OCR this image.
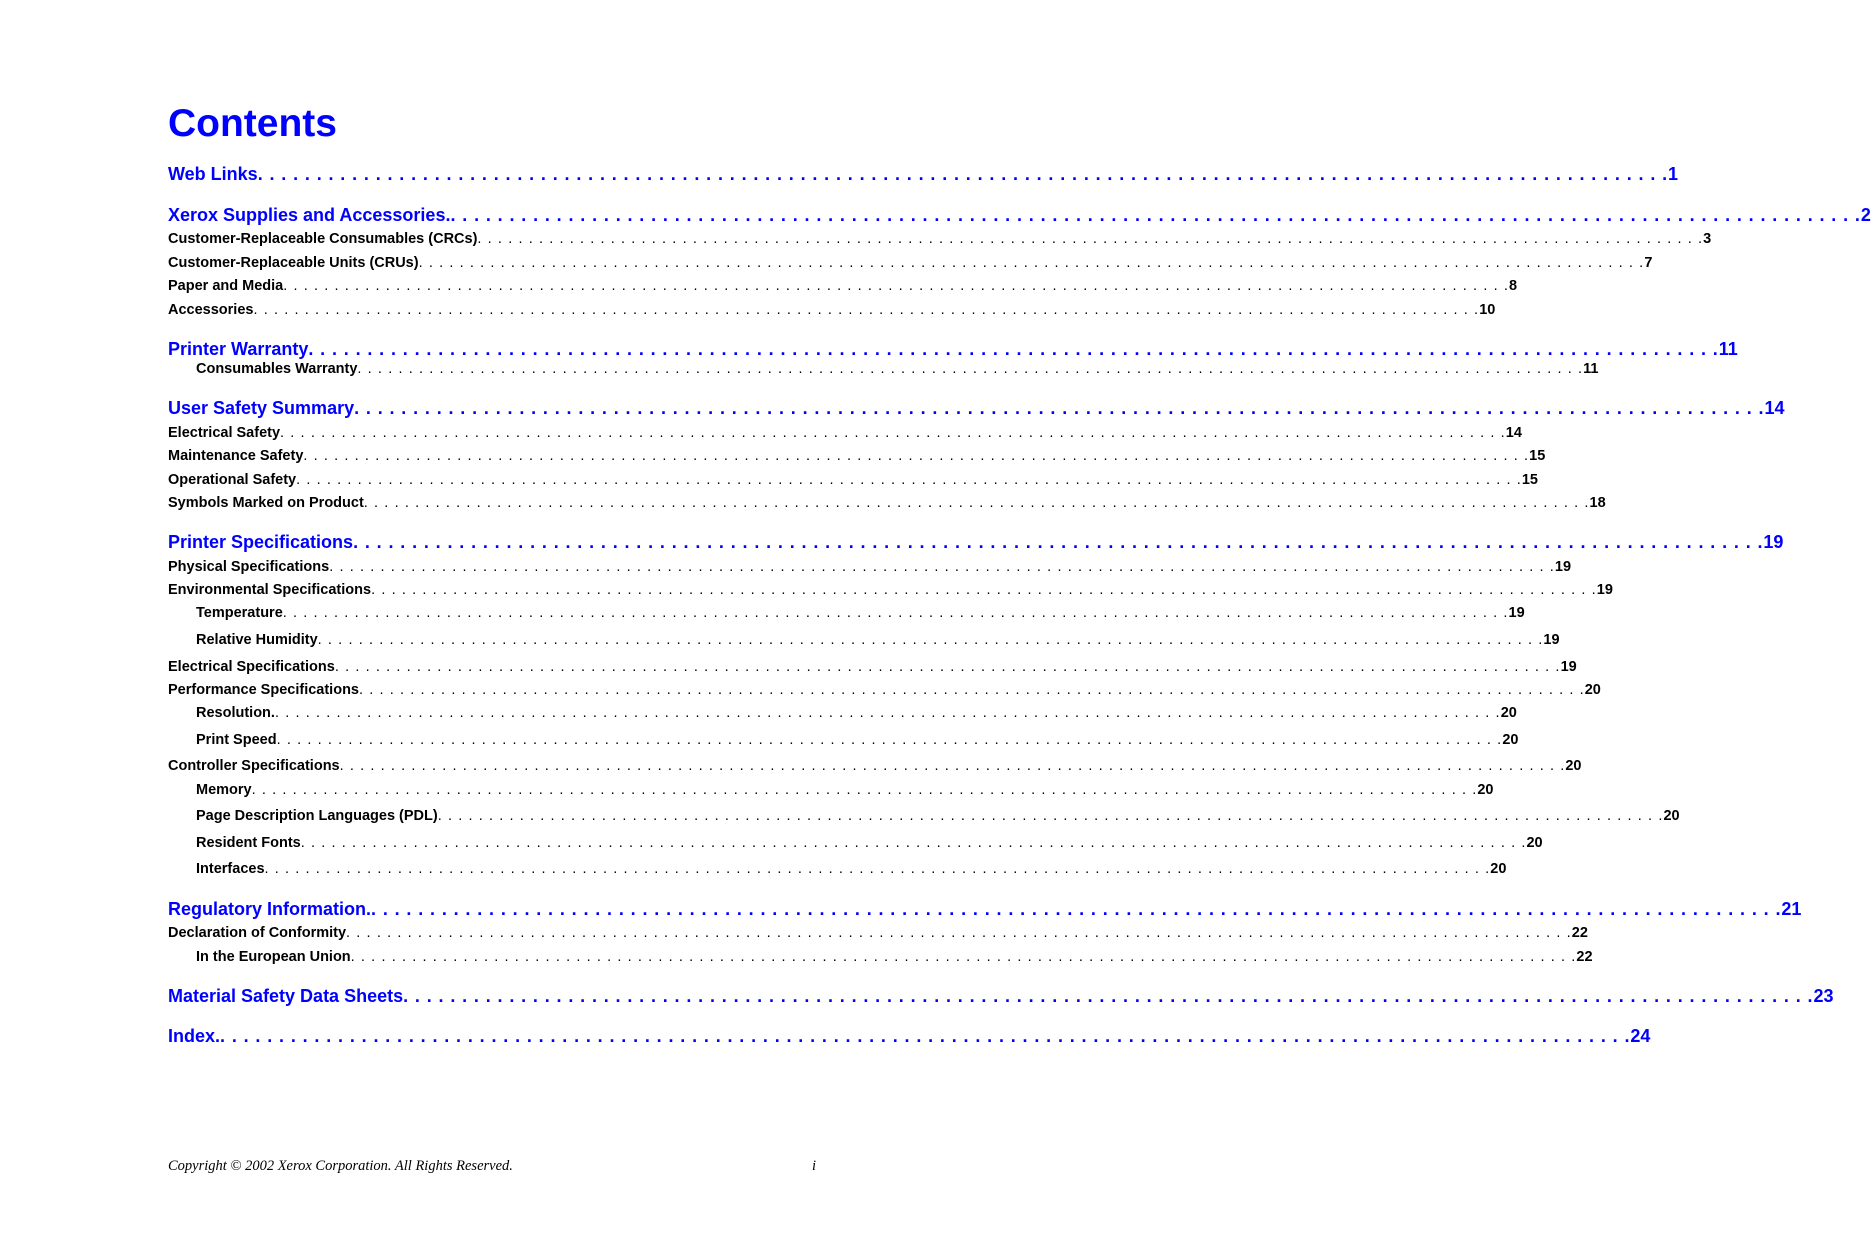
Contents
Web Links . . . . . . . . . . . . . . . . . . . . . . . . . . . . . . . . . . . . . . . . . . . . . . . . . . . . . . . . . . . . . . . . . . . . . . . . . . . . . . . . . . . . . . . . . . . . . . . . . . . . . . . . . . . . . . . . . . . . . . . . 1
Xerox Supplies and Accessories. . . . . . . . . . . . . . . . . . . . . . . . . . . . . . . . . . . . . . . . . . . . . . . . . . . . . . . . . . . . . . . . . . . . . . . . . . . . . . . . . . . . . . . . . . . . . . . . . . . . . . . . . . . . . . . . . . . . . . . . . 2
Customer-Replaceable Consumables (CRCs) . . . . . . . . . . . . . . . . . . . . . . . . . . . . . . . . . . . . . . . . . . . . . . . . . . . . . . . . . . . . . . . . . . . . . . . . . . . . . . . . . . . . . . . . . . . . . . . . . . . . . . . . . . . . . . . . . . . . . . . . 3
Customer-Replaceable Units (CRUs) . . . . . . . . . . . . . . . . . . . . . . . . . . . . . . . . . . . . . . . . . . . . . . . . . . . . . . . . . . . . . . . . . . . . . . . . . . . . . . . . . . . . . . . . . . . . . . . . . . . . . . . . . . . . . . . . . . . . . . . . 7
Paper and Media . . . . . . . . . . . . . . . . . . . . . . . . . . . . . . . . . . . . . . . . . . . . . . . . . . . . . . . . . . . . . . . . . . . . . . . . . . . . . . . . . . . . . . . . . . . . . . . . . . . . . . . . . . . . . . . . . . . . . . . . 8
Accessories . . . . . . . . . . . . . . . . . . . . . . . . . . . . . . . . . . . . . . . . . . . . . . . . . . . . . . . . . . . . . . . . . . . . . . . . . . . . . . . . . . . . . . . . . . . . . . . . . . . . . . . . . . . . . . . . . . . . . . . . 10
Printer Warranty . . . . . . . . . . . . . . . . . . . . . . . . . . . . . . . . . . . . . . . . . . . . . . . . . . . . . . . . . . . . . . . . . . . . . . . . . . . . . . . . . . . . . . . . . . . . . . . . . . . . . . . . . . . . . . . . . . . . . . . . 11
Consumables Warranty . . . . . . . . . . . . . . . . . . . . . . . . . . . . . . . . . . . . . . . . . . . . . . . . . . . . . . . . . . . . . . . . . . . . . . . . . . . . . . . . . . . . . . . . . . . . . . . . . . . . . . . . . . . . . . . . . . . . . . . . 11
User Safety Summary . . . . . . . . . . . . . . . . . . . . . . . . . . . . . . . . . . . . . . . . . . . . . . . . . . . . . . . . . . . . . . . . . . . . . . . . . . . . . . . . . . . . . . . . . . . . . . . . . . . . . . . . . . . . . . . . . . . . . . . . 14
Electrical Safety . . . . . . . . . . . . . . . . . . . . . . . . . . . . . . . . . . . . . . . . . . . . . . . . . . . . . . . . . . . . . . . . . . . . . . . . . . . . . . . . . . . . . . . . . . . . . . . . . . . . . . . . . . . . . . . . . . . . . . . . 14
Maintenance Safety . . . . . . . . . . . . . . . . . . . . . . . . . . . . . . . . . . . . . . . . . . . . . . . . . . . . . . . . . . . . . . . . . . . . . . . . . . . . . . . . . . . . . . . . . . . . . . . . . . . . . . . . . . . . . . . . . . . . . . . . 15
Operational Safety . . . . . . . . . . . . . . . . . . . . . . . . . . . . . . . . . . . . . . . . . . . . . . . . . . . . . . . . . . . . . . . . . . . . . . . . . . . . . . . . . . . . . . . . . . . . . . . . . . . . . . . . . . . . . . . . . . . . . . . . 15
Symbols Marked on Product . . . . . . . . . . . . . . . . . . . . . . . . . . . . . . . . . . . . . . . . . . . . . . . . . . . . . . . . . . . . . . . . . . . . . . . . . . . . . . . . . . . . . . . . . . . . . . . . . . . . . . . . . . . . . . . . . . . . . . . . 18
Printer Specifications . . . . . . . . . . . . . . . . . . . . . . . . . . . . . . . . . . . . . . . . . . . . . . . . . . . . . . . . . . . . . . . . . . . . . . . . . . . . . . . . . . . . . . . . . . . . . . . . . . . . . . . . . . . . . . . . . . . . . . . . 19
Physical Specifications . . . . . . . . . . . . . . . . . . . . . . . . . . . . . . . . . . . . . . . . . . . . . . . . . . . . . . . . . . . . . . . . . . . . . . . . . . . . . . . . . . . . . . . . . . . . . . . . . . . . . . . . . . . . . . . . . . . . . . . . 19
Environmental Specifications . . . . . . . . . . . . . . . . . . . . . . . . . . . . . . . . . . . . . . . . . . . . . . . . . . . . . . . . . . . . . . . . . . . . . . . . . . . . . . . . . . . . . . . . . . . . . . . . . . . . . . . . . . . . . . . . . . . . . . . . 19
Temperature . . . . . . . . . . . . . . . . . . . . . . . . . . . . . . . . . . . . . . . . . . . . . . . . . . . . . . . . . . . . . . . . . . . . . . . . . . . . . . . . . . . . . . . . . . . . . . . . . . . . . . . . . . . . . . . . . . . . . . . . 19
Relative Humidity . . . . . . . . . . . . . . . . . . . . . . . . . . . . . . . . . . . . . . . . . . . . . . . . . . . . . . . . . . . . . . . . . . . . . . . . . . . . . . . . . . . . . . . . . . . . . . . . . . . . . . . . . . . . . . . . . . . . . . . . 19
Electrical Specifications . . . . . . . . . . . . . . . . . . . . . . . . . . . . . . . . . . . . . . . . . . . . . . . . . . . . . . . . . . . . . . . . . . . . . . . . . . . . . . . . . . . . . . . . . . . . . . . . . . . . . . . . . . . . . . . . . . . . . . . . 19
Performance Specifications . . . . . . . . . . . . . . . . . . . . . . . . . . . . . . . . . . . . . . . . . . . . . . . . . . . . . . . . . . . . . . . . . . . . . . . . . . . . . . . . . . . . . . . . . . . . . . . . . . . . . . . . . . . . . . . . . . . . . . . . 20
Resolution. . . . . . . . . . . . . . . . . . . . . . . . . . . . . . . . . . . . . . . . . . . . . . . . . . . . . . . . . . . . . . . . . . . . . . . . . . . . . . . . . . . . . . . . . . . . . . . . . . . . . . . . . . . . . . . . . . . . . . . . . 20
Print Speed . . . . . . . . . . . . . . . . . . . . . . . . . . . . . . . . . . . . . . . . . . . . . . . . . . . . . . . . . . . . . . . . . . . . . . . . . . . . . . . . . . . . . . . . . . . . . . . . . . . . . . . . . . . . . . . . . . . . . . . . 20
Controller Specifications . . . . . . . . . . . . . . . . . . . . . . . . . . . . . . . . . . . . . . . . . . . . . . . . . . . . . . . . . . . . . . . . . . . . . . . . . . . . . . . . . . . . . . . . . . . . . . . . . . . . . . . . . . . . . . . . . . . . . . . . 20
Memory . . . . . . . . . . . . . . . . . . . . . . . . . . . . . . . . . . . . . . . . . . . . . . . . . . . . . . . . . . . . . . . . . . . . . . . . . . . . . . . . . . . . . . . . . . . . . . . . . . . . . . . . . . . . . . . . . . . . . . . . 20
Page Description Languages (PDL) . . . . . . . . . . . . . . . . . . . . . . . . . . . . . . . . . . . . . . . . . . . . . . . . . . . . . . . . . . . . . . . . . . . . . . . . . . . . . . . . . . . . . . . . . . . . . . . . . . . . . . . . . . . . . . . . . . . . . . . . 20
Resident Fonts . . . . . . . . . . . . . . . . . . . . . . . . . . . . . . . . . . . . . . . . . . . . . . . . . . . . . . . . . . . . . . . . . . . . . . . . . . . . . . . . . . . . . . . . . . . . . . . . . . . . . . . . . . . . . . . . . . . . . . . . 20
Interfaces . . . . . . . . . . . . . . . . . . . . . . . . . . . . . . . . . . . . . . . . . . . . . . . . . . . . . . . . . . . . . . . . . . . . . . . . . . . . . . . . . . . . . . . . . . . . . . . . . . . . . . . . . . . . . . . . . . . . . . . . 20
Regulatory Information. . . . . . . . . . . . . . . . . . . . . . . . . . . . . . . . . . . . . . . . . . . . . . . . . . . . . . . . . . . . . . . . . . . . . . . . . . . . . . . . . . . . . . . . . . . . . . . . . . . . . . . . . . . . . . . . . . . . . . . . . 21
Declaration of Conformity . . . . . . . . . . . . . . . . . . . . . . . . . . . . . . . . . . . . . . . . . . . . . . . . . . . . . . . . . . . . . . . . . . . . . . . . . . . . . . . . . . . . . . . . . . . . . . . . . . . . . . . . . . . . . . . . . . . . . . . . 22
In the European Union . . . . . . . . . . . . . . . . . . . . . . . . . . . . . . . . . . . . . . . . . . . . . . . . . . . . . . . . . . . . . . . . . . . . . . . . . . . . . . . . . . . . . . . . . . . . . . . . . . . . . . . . . . . . . . . . . . . . . . . . 22
Material Safety Data Sheets . . . . . . . . . . . . . . . . . . . . . . . . . . . . . . . . . . . . . . . . . . . . . . . . . . . . . . . . . . . . . . . . . . . . . . . . . . . . . . . . . . . . . . . . . . . . . . . . . . . . . . . . . . . . . . . . . . . . . . . . 23
Index. . . . . . . . . . . . . . . . . . . . . . . . . . . . . . . . . . . . . . . . . . . . . . . . . . . . . . . . . . . . . . . . . . . . . . . . . . . . . . . . . . . . . . . . . . . . . . . . . . . . . . . . . . . . . . . . . . . . . . . . . 24
Copyright © 2002 Xerox Corporation. All Rights Reserved.	i
